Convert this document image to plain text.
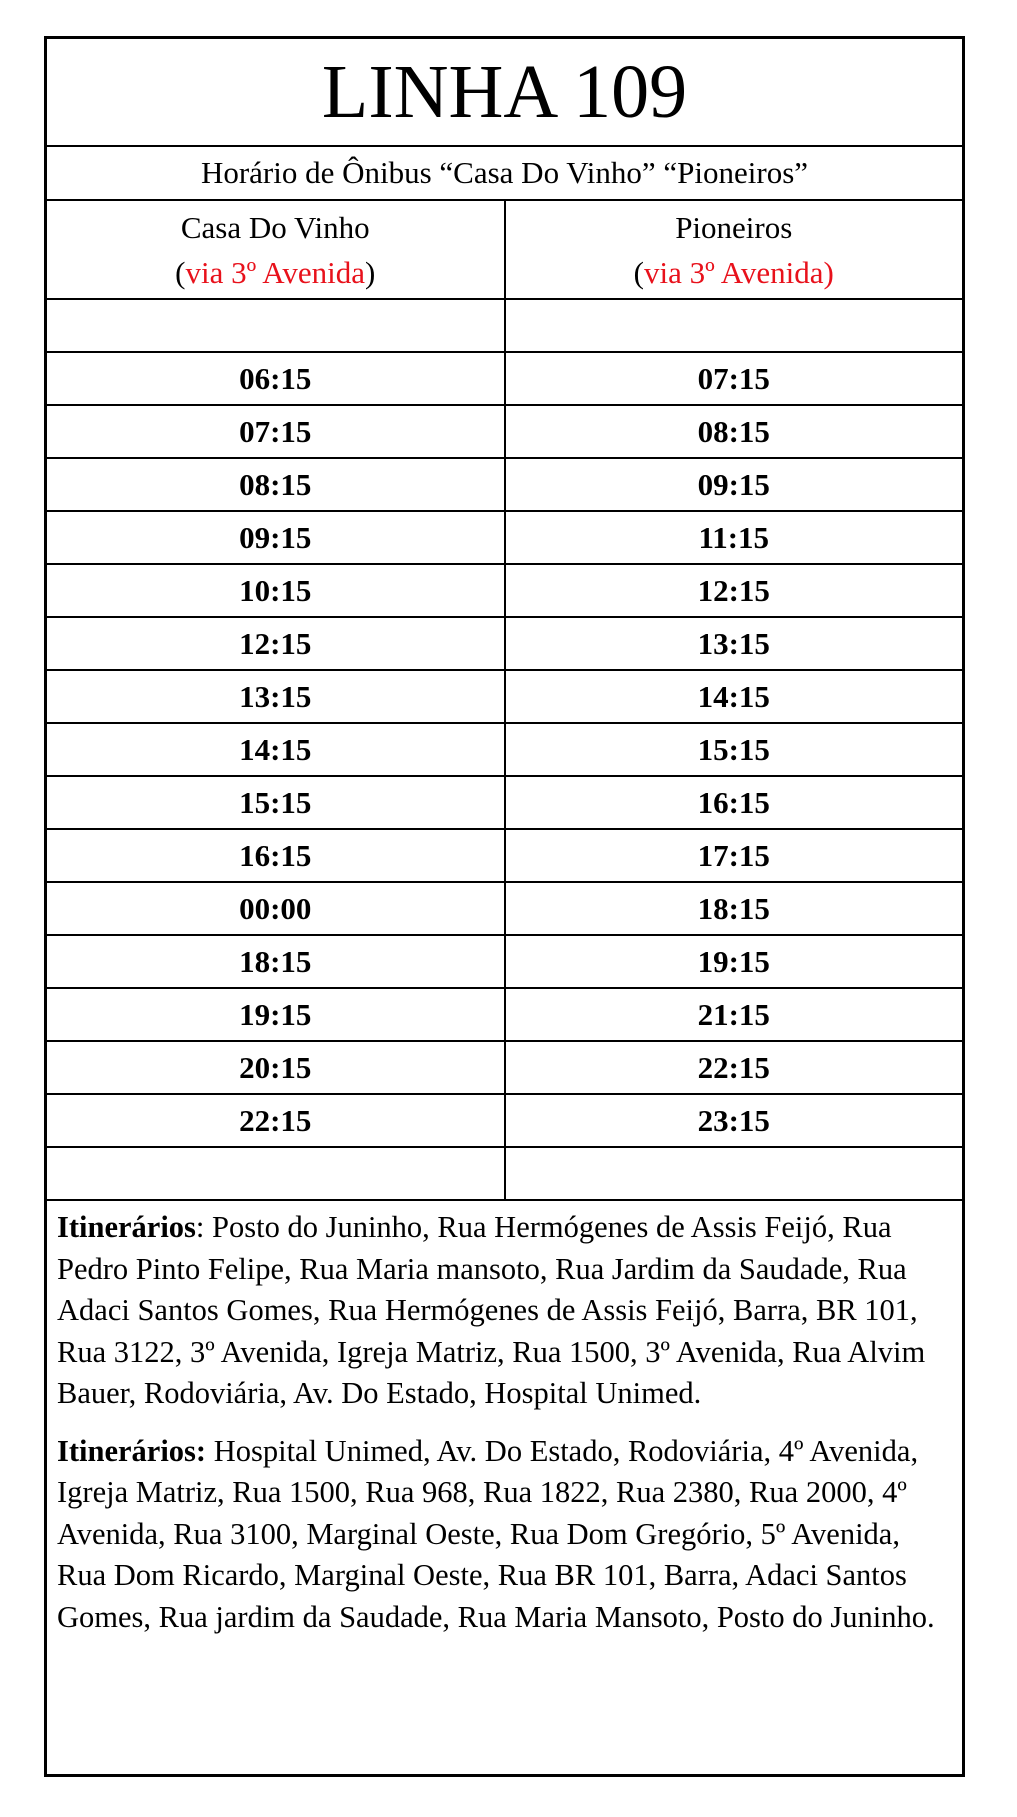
LINHA 109
Horário de Ônibus “Casa Do Vinho” “Pioneiros”
Casa Do Vinho
(via 3º Avenida)
06:15
07:15
08:15
09:15
10:15
12:15
13:15
14:15
15:15
16:15
00:00
18:15
19:15
20:15
22:15
Pioneiros
(via 3º Avenida)
07:15
08:15
09:15
11:15
12:15
13:15
14:15
15:15
16:15
17:15
18:15
19:15
21:15
22:15
23:15

Itinerários: Posto do Juninho, Rua Hermógenes de Assis Feijó, Rua Pedro Pinto Felipe, Rua Maria mansoto, Rua Jardim da Saudade, Rua Adaci Santos Gomes, Rua Hermógenes de Assis Feijó, Barra, BR 101, Rua 3122, 3º Avenida, Igreja Matriz, Rua 1500, 3º Avenida, Rua Alvim Bauer, Rodoviária, Av. Do Estado, Hospital Unimed.

Itinerários: Hospital Unimed, Av. Do Estado, Rodoviária, 4º Avenida, Igreja Matriz, Rua 1500, Rua 968, Rua 1822, Rua 2380, Rua 2000, 4º Avenida, Rua 3100, Marginal Oeste, Rua Dom Gregório, 5º Avenida, Rua Dom Ricardo, Marginal Oeste, Rua BR 101, Barra, Adaci Santos Gomes, Rua jardim da Saudade, Rua Maria Mansoto, Posto do Juninho.
